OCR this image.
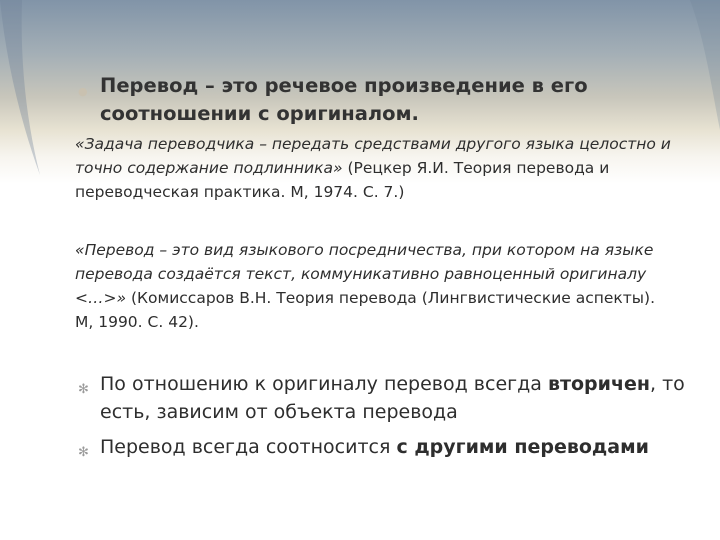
● Перевод – это речевое произведение в его соотношении с оригиналом.

«Задача переводчика – передать средствами другого языка целостно и точно содержание подлинника» (Рецкер Я.И. Теория перевода и переводческая практика. М, 1974. С. 7.)

«Перевод – это вид языкового посредничества, при котором на языке перевода создаётся текст, коммуникативно равноценный оригиналу <…>» (Комиссаров В.Н. Теория перевода (Лингвистические аспекты). М, 1990. С. 42).

✻ По отношению к оригиналу перевод всегда вторичен, то есть, зависим от объекта перевода

✻ Перевод всегда соотносится с другими переводами
